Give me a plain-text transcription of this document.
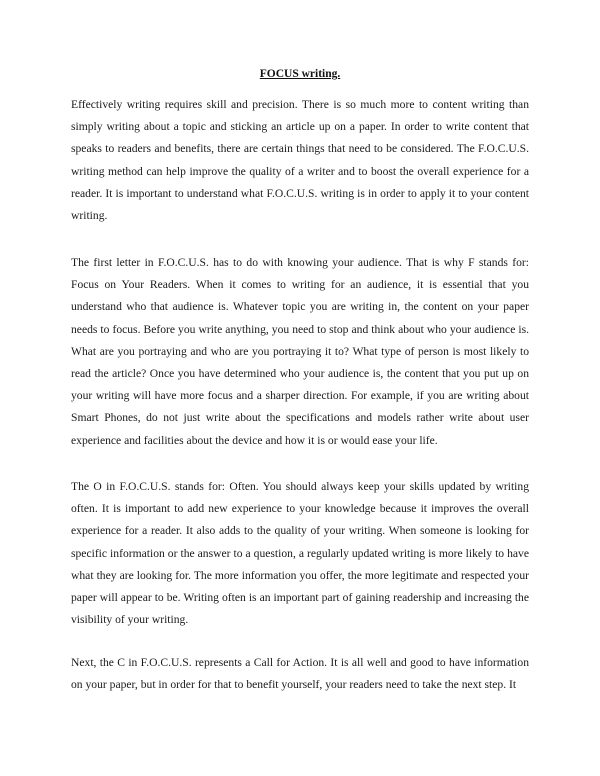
FOCUS writing.

Effectively writing requires skill and precision. There is so much more to content writing than simply writing about a topic and sticking an article up on a paper. In order to write content that speaks to readers and benefits, there are certain things that need to be considered. The F.O.C.U.S. writing method can help improve the quality of a writer and to boost the overall experience for a reader. It is important to understand what F.O.C.U.S. writing is in order to apply it to your content writing.

The first letter in F.O.C.U.S. has to do with knowing your audience. That is why F stands for: Focus on Your Readers. When it comes to writing for an audience, it is essential that you understand who that audience is. Whatever topic you are writing in, the content on your paper needs to focus. Before you write anything, you need to stop and think about who your audience is. What are you portraying and who are you portraying it to? What type of person is most likely to read the article? Once you have determined who your audience is, the content that you put up on your writing will have more focus and a sharper direction. For example, if you are writing about Smart Phones, do not just write about the specifications and models rather write about user experience and facilities about the device and how it is or would ease your life.

The O in F.O.C.U.S. stands for: Often. You should always keep your skills updated by writing often. It is important to add new experience to your knowledge because it improves the overall experience for a reader. It also adds to the quality of your writing. When someone is looking for specific information or the answer to a question, a regularly updated writing is more likely to have what they are looking for. The more information you offer, the more legitimate and respected your paper will appear to be. Writing often is an important part of gaining readership and increasing the visibility of your writing.

Next, the C in F.O.C.U.S. represents a Call for Action. It is all well and good to have information on your paper, but in order for that to benefit yourself, your readers need to take the next step. It
